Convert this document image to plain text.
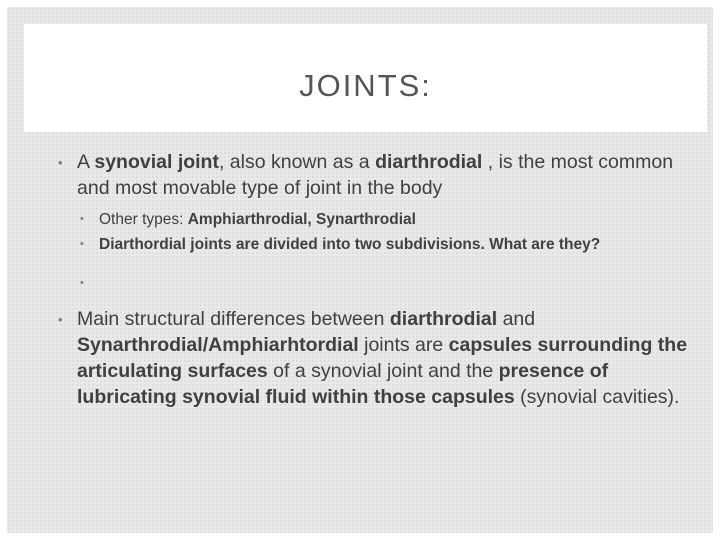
JOINTS:
• A synovial joint, also known as a diarthrodial , is the most common and most movable type of joint in the body
• Other types: Amphiarthrodial, Synarthrodial
• Diarthordial joints are divided into two subdivisions. What are they?
•
• Main structural differences between diarthrodial and Synarthrodial/Amphiarhtordial joints are capsules surrounding the articulating surfaces of a synovial joint and the presence of lubricating synovial fluid within those capsules (synovial cavities).
